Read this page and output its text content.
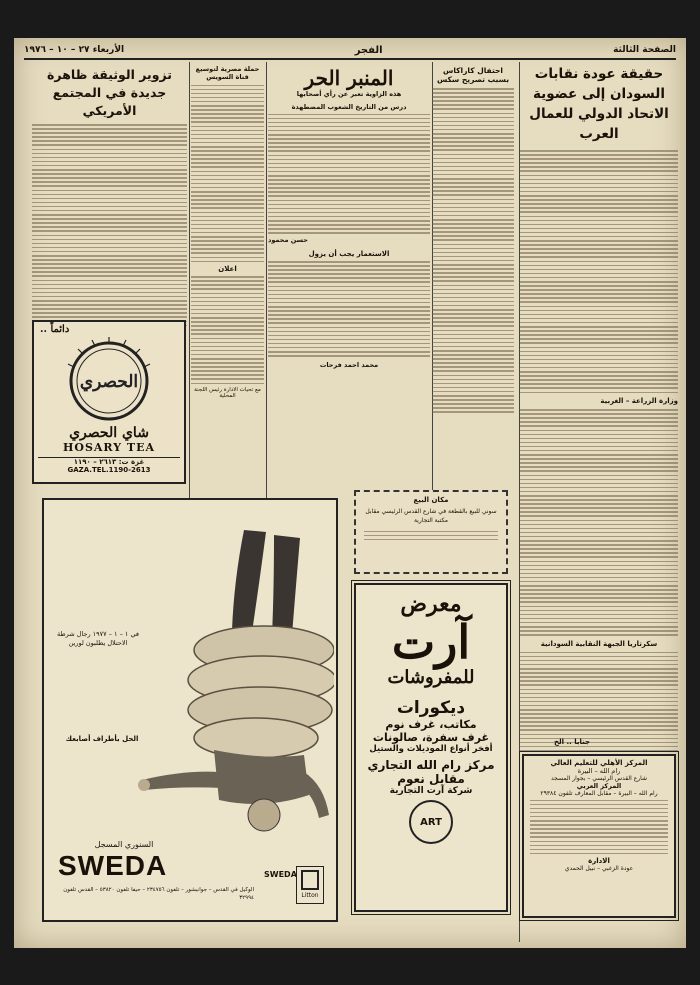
الصفحة الثالثة
الفجر
الأربعاء ٢٧ – ١٠ – ١٩٧٦
حقيقة عودة نقابات السودان إلى عضوية الاتحاد الدولي للعمال العرب
وزارة الزراعة – الغربية
سكرتاريا الجبهة النقابية السودانية
احتفال كاراكاس بسبب تصريح سكس
المنبر الحر
هذه الزاوية تعبر عن رأي أصحابها
درس من التاريخ الشعوب المضطهدة
حسن محمود
الاستعمار يجب أن يزول
محمد احمد فرحات
حملة مصرية لتوسيع قناة السويس
اعلان
مع تحيات الادارة رئيس اللجنة المحلية
تزوير الوثيقة ظاهرة جديدة في المجتمع الأمريكي
دائماً ..
الحصري
شاي الحصري
HOSARY TEA
غزة ت: ٢٦١٣ – ١١٩٠
GAZA.TEL.1190-2613
في ١ – ١ – ١٩٧٧ رجال شرطة الاحتلال يطلبون لورين
الحل بأطراف أصابعك
السنوري المسجل
SWEDA
الوكيل في القدس – جوانيشور – تلفون ٢٣٤٧٥٦ – حيفا تلفون ٥٣٨٢٠ – القدس تلفون ٣٢٩٩٤
SWEDA
Litton
مكان البيع
سوني للبيع بالقطعة في شارع القدس الرئيسي مقابل مكتبة التجارية
معرض
آرت
للمفروشات
ديكورات
مكاتب، غرف نوم
غرف سفرة، صالونات
أفخر أنواع الموديلات والستيل
مركز رام الله التجاري
مقابل نعوم
شركة آرت التجارية
ART
المركز الأهلي للتعليم العالي
رام الله – البيرة
شارع القدس الرئيسي – بجوار المسجد
المركز العربي
رام الله – البيرة – مقابل المعارف تلفون ٢٩٣٨٤
الادارة
عودة الزغبي – نبيل الحمدي
جنابا .. الخ
